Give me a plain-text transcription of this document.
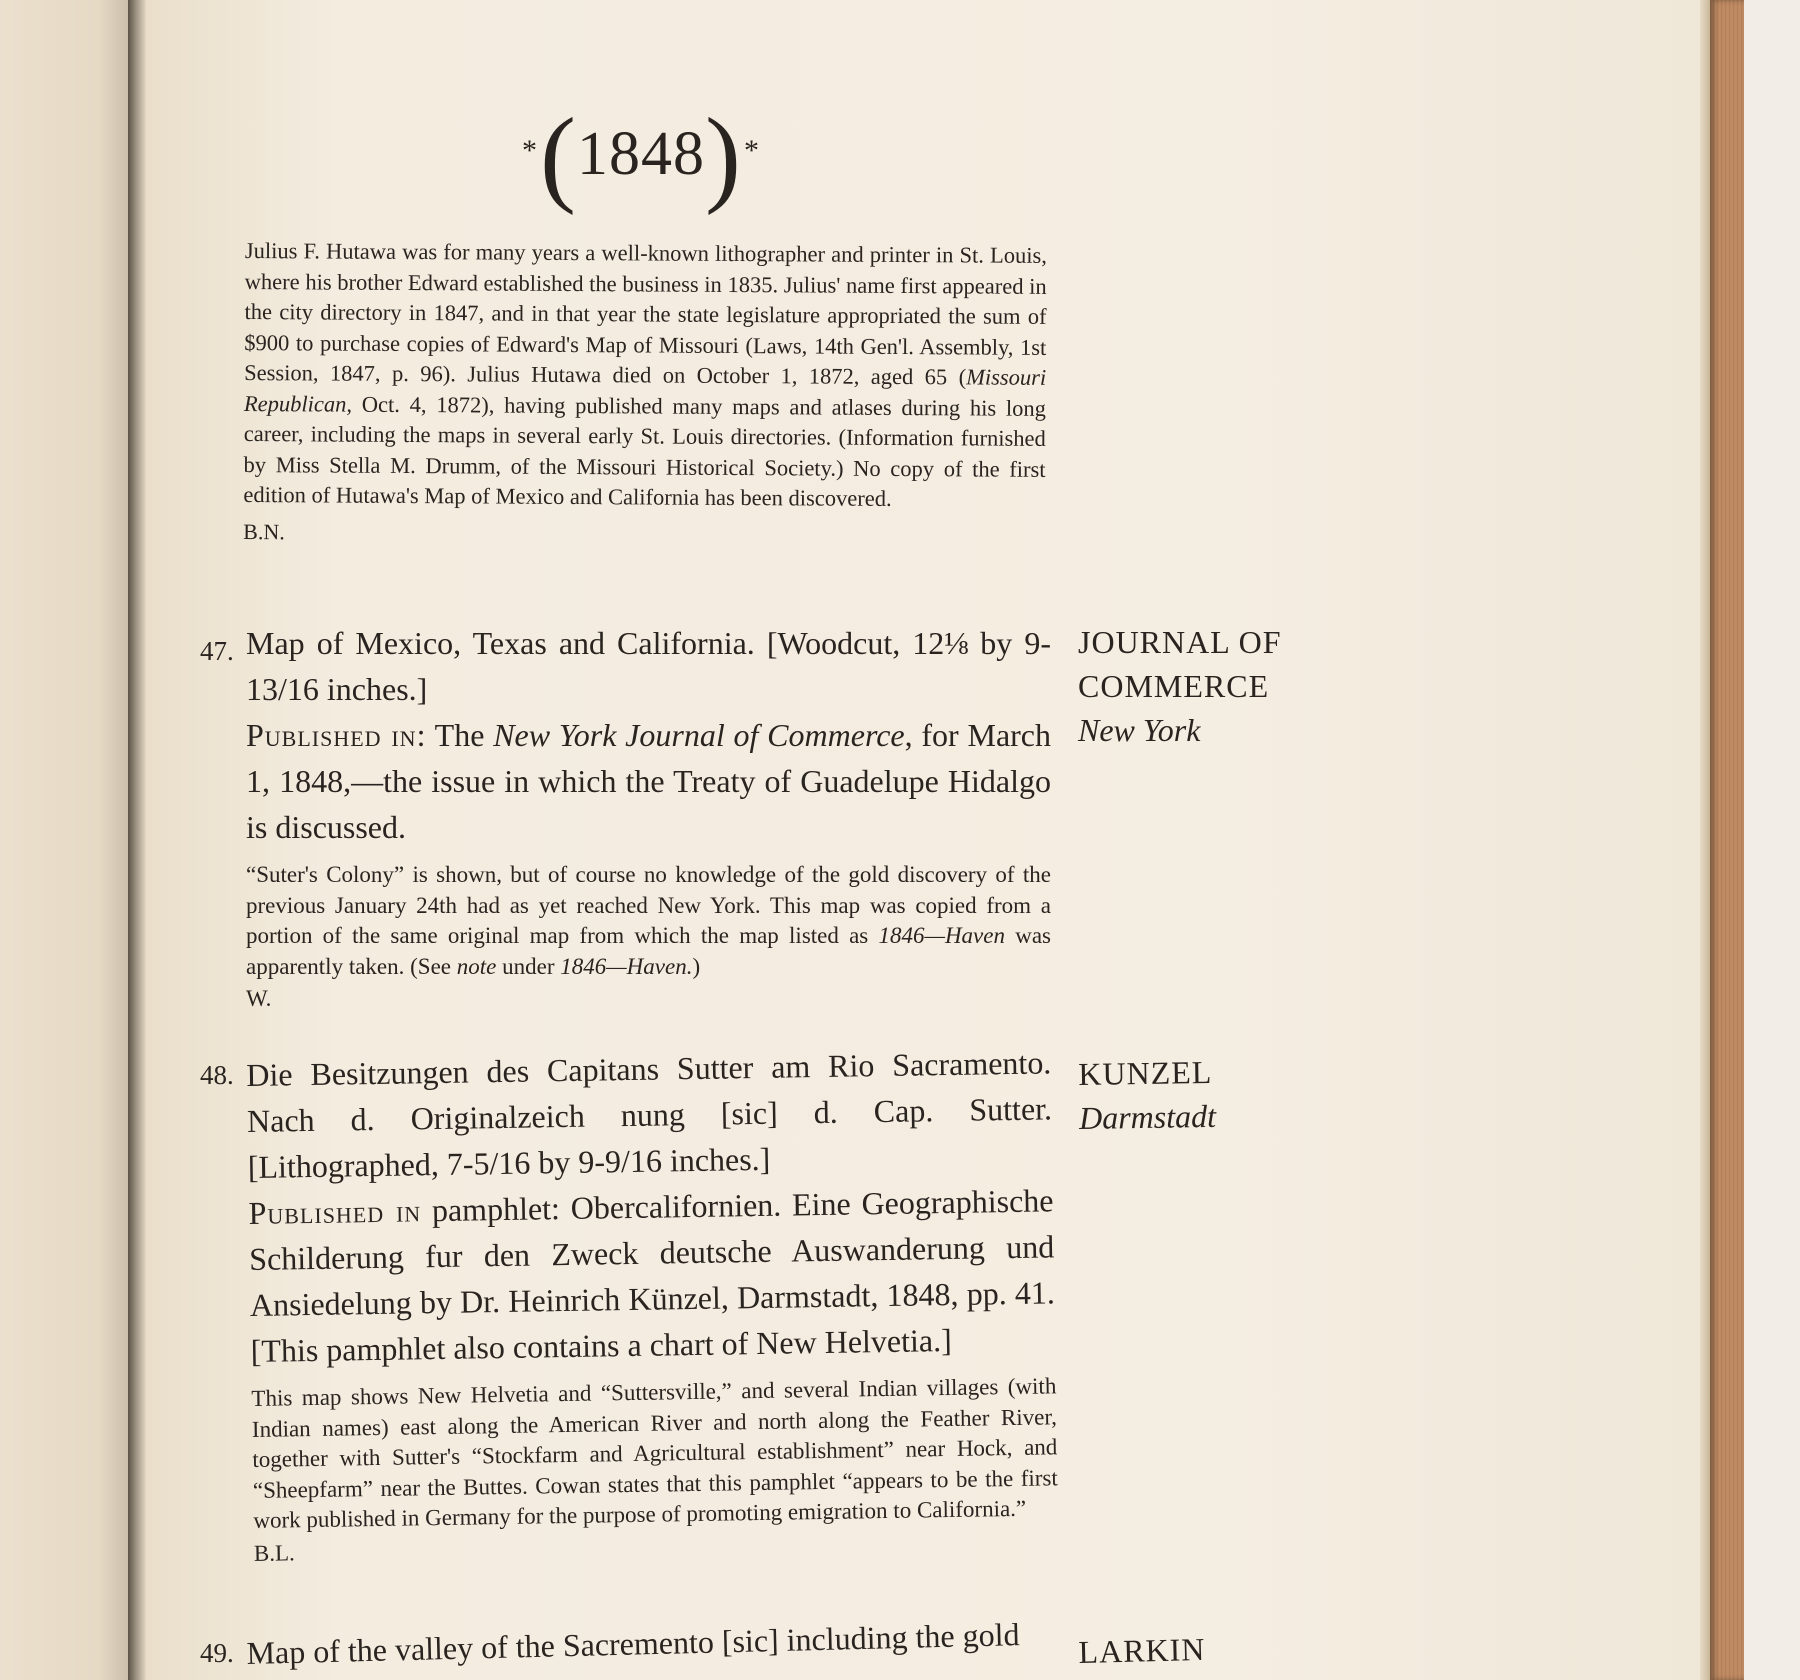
*(1848)*
Julius F. Hutawa was for many years a well-known lithographer and printer in St. Louis, where his brother Edward established the business in 1835. Julius' name first appeared in the city directory in 1847, and in that year the state legislature appropriated the sum of $900 to purchase copies of Edward's Map of Missouri (Laws, 14th Gen'l. Assembly, 1st Session, 1847, p. 96). Julius Hutawa died on October 1, 1872, aged 65 (Missouri Republican, Oct. 4, 1872), having published many maps and atlases during his long career, including the maps in several early St. Louis directories. (Information furnished by Miss Stella M. Drumm, of the Missouri Historical Society.) No copy of the first edition of Hutawa's Map of Mexico and California has been discovered.
B.N.
47. Map of Mexico, Texas and California. [Woodcut, 12⅛ by 9-13/16 inches.]
Published in: The New York Journal of Commerce, for March 1, 1848,—the issue in which the Treaty of Guadelupe Hidalgo is discussed.
“Suter's Colony” is shown, but of course no knowledge of the gold discovery of the previous January 24th had as yet reached New York. This map was copied from a portion of the same original map from which the map listed as 1846—Haven was apparently taken. (See note under 1846—Haven.)
W.
JOURNAL OF
COMMERCE
New York
48. Die Besitzungen des Capitans Sutter am Rio Sacramento. Nach d. Originalzeich nung [sic] d. Cap. Sutter. [Lithographed, 7-5/16 by 9-9/16 inches.]
Published in pamphlet: Obercalifornien. Eine Geographische Schilderung fur den Zweck deutsche Auswanderung und Ansiedelung by Dr. Heinrich Künzel, Darmstadt, 1848, pp. 41. [This pamphlet also contains a chart of New Helvetia.]
This map shows New Helvetia and “Suttersville,” and several Indian villages (with Indian names) east along the American River and north along the Feather River, together with Sutter's “Stockfarm and Agricultural establishment” near Hock, and “Sheepfarm” near the Buttes. Cowan states that this pamphlet “appears to be the first work published in Germany for the purpose of promoting emigration to California.”
B.L.
KUNZEL
Darmstadt
49. Map of the valley of the Sacremento [sic] including the gold	LARKIN
